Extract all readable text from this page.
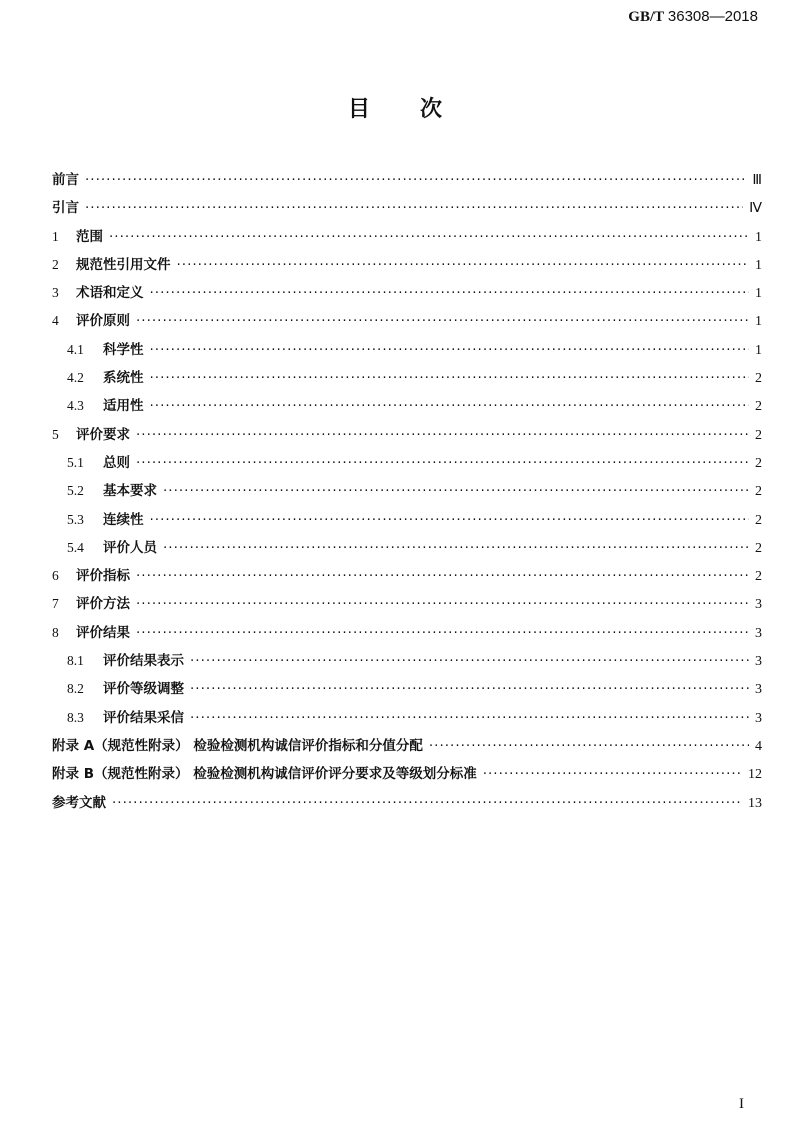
GB/T 36308—2018
目次
前言 ·····	Ⅲ
引言 ·····	Ⅳ
1	范围 ·····	1
2	规范性引用文件 ·····	1
3	术语和定义 ·····	1
4	评价原则 ·····	1
4.1	科学性 ·····	1
4.2	系统性 ·····	2
4.3	适用性 ·····	2
5	评价要求 ·····	2
5.1	总则 ·····	2
5.2	基本要求 ·····	2
5.3	连续性 ·····	2
5.4	评价人员 ·····	2
6	评价指标 ·····	2
7	评价方法 ·····	3
8	评价结果 ·····	3
8.1	评价结果表示 ·····	3
8.2	评价等级调整 ·····	3
8.3	评价结果采信 ·····	3
附录 A（规范性附录） 检验检测机构诚信评价指标和分值分配 ·····	4
附录 B（规范性附录） 检验检测机构诚信评价评分要求及等级划分标准 ·····	12
参考文献 ·····	13
I
